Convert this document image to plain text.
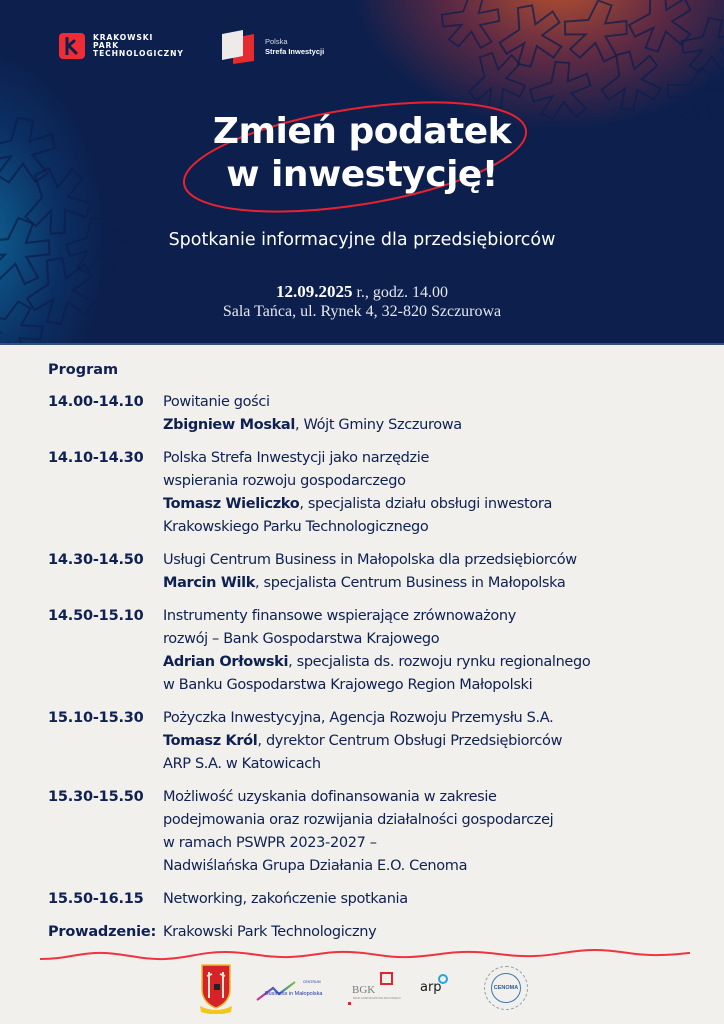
KRAKOWSKI
PARK
TECHNOLOGICZNY
Polska
Strefa Inwestycji
Zmień podatek
w inwestycję!
Spotkanie informacyjne dla przedsiębiorców
12.09.2025 r., godz. 14.00
Sala Tańca, ul. Rynek 4, 32-820 Szczurowa
Program
14.00-14.10	Powitanie gości
Zbigniew Moskal, Wójt Gminy Szczurowa
14.10-14.30	Polska Strefa Inwestycji jako narzędzie
wspierania rozwoju gospodarczego
Tomasz Wieliczko, specjalista działu obsługi inwestora
Krakowskiego Parku Technologicznego
14.30-14.50	Usługi Centrum Business in Małopolska dla przedsiębiorców
Marcin Wilk, specjalista Centrum Business in Małopolska
14.50-15.10	Instrumenty finansowe wspierające zrównoważony
rozwój – Bank Gospodarstwa Krajowego
Adrian Orłowski, specjalista ds. rozwoju rynku regionalnego
w Banku Gospodarstwa Krajowego Region Małopolski
15.10-15.30	Pożyczka Inwestycyjna, Agencja Rozwoju Przemysłu S.A.
Tomasz Król, dyrektor Centrum Obsługi Przedsiębiorców
ARP S.A. w Katowicach
15.30-15.50	Możliwość uzyskania dofinansowania w zakresie
podejmowania oraz rozwijania działalności gospodarczej
w ramach PSWPR 2023-2027 –
Nadwiślańska Grupa Działania E.O. Cenoma
15.50-16.15	Networking, zakończenie spotkania
Prowadzenie: Krakowski Park Technologiczny
CENTRUM
Business in Małopolska	BGK
BANK GOSPODARSTWA KRAJOWEGO
arp	CENOMA
